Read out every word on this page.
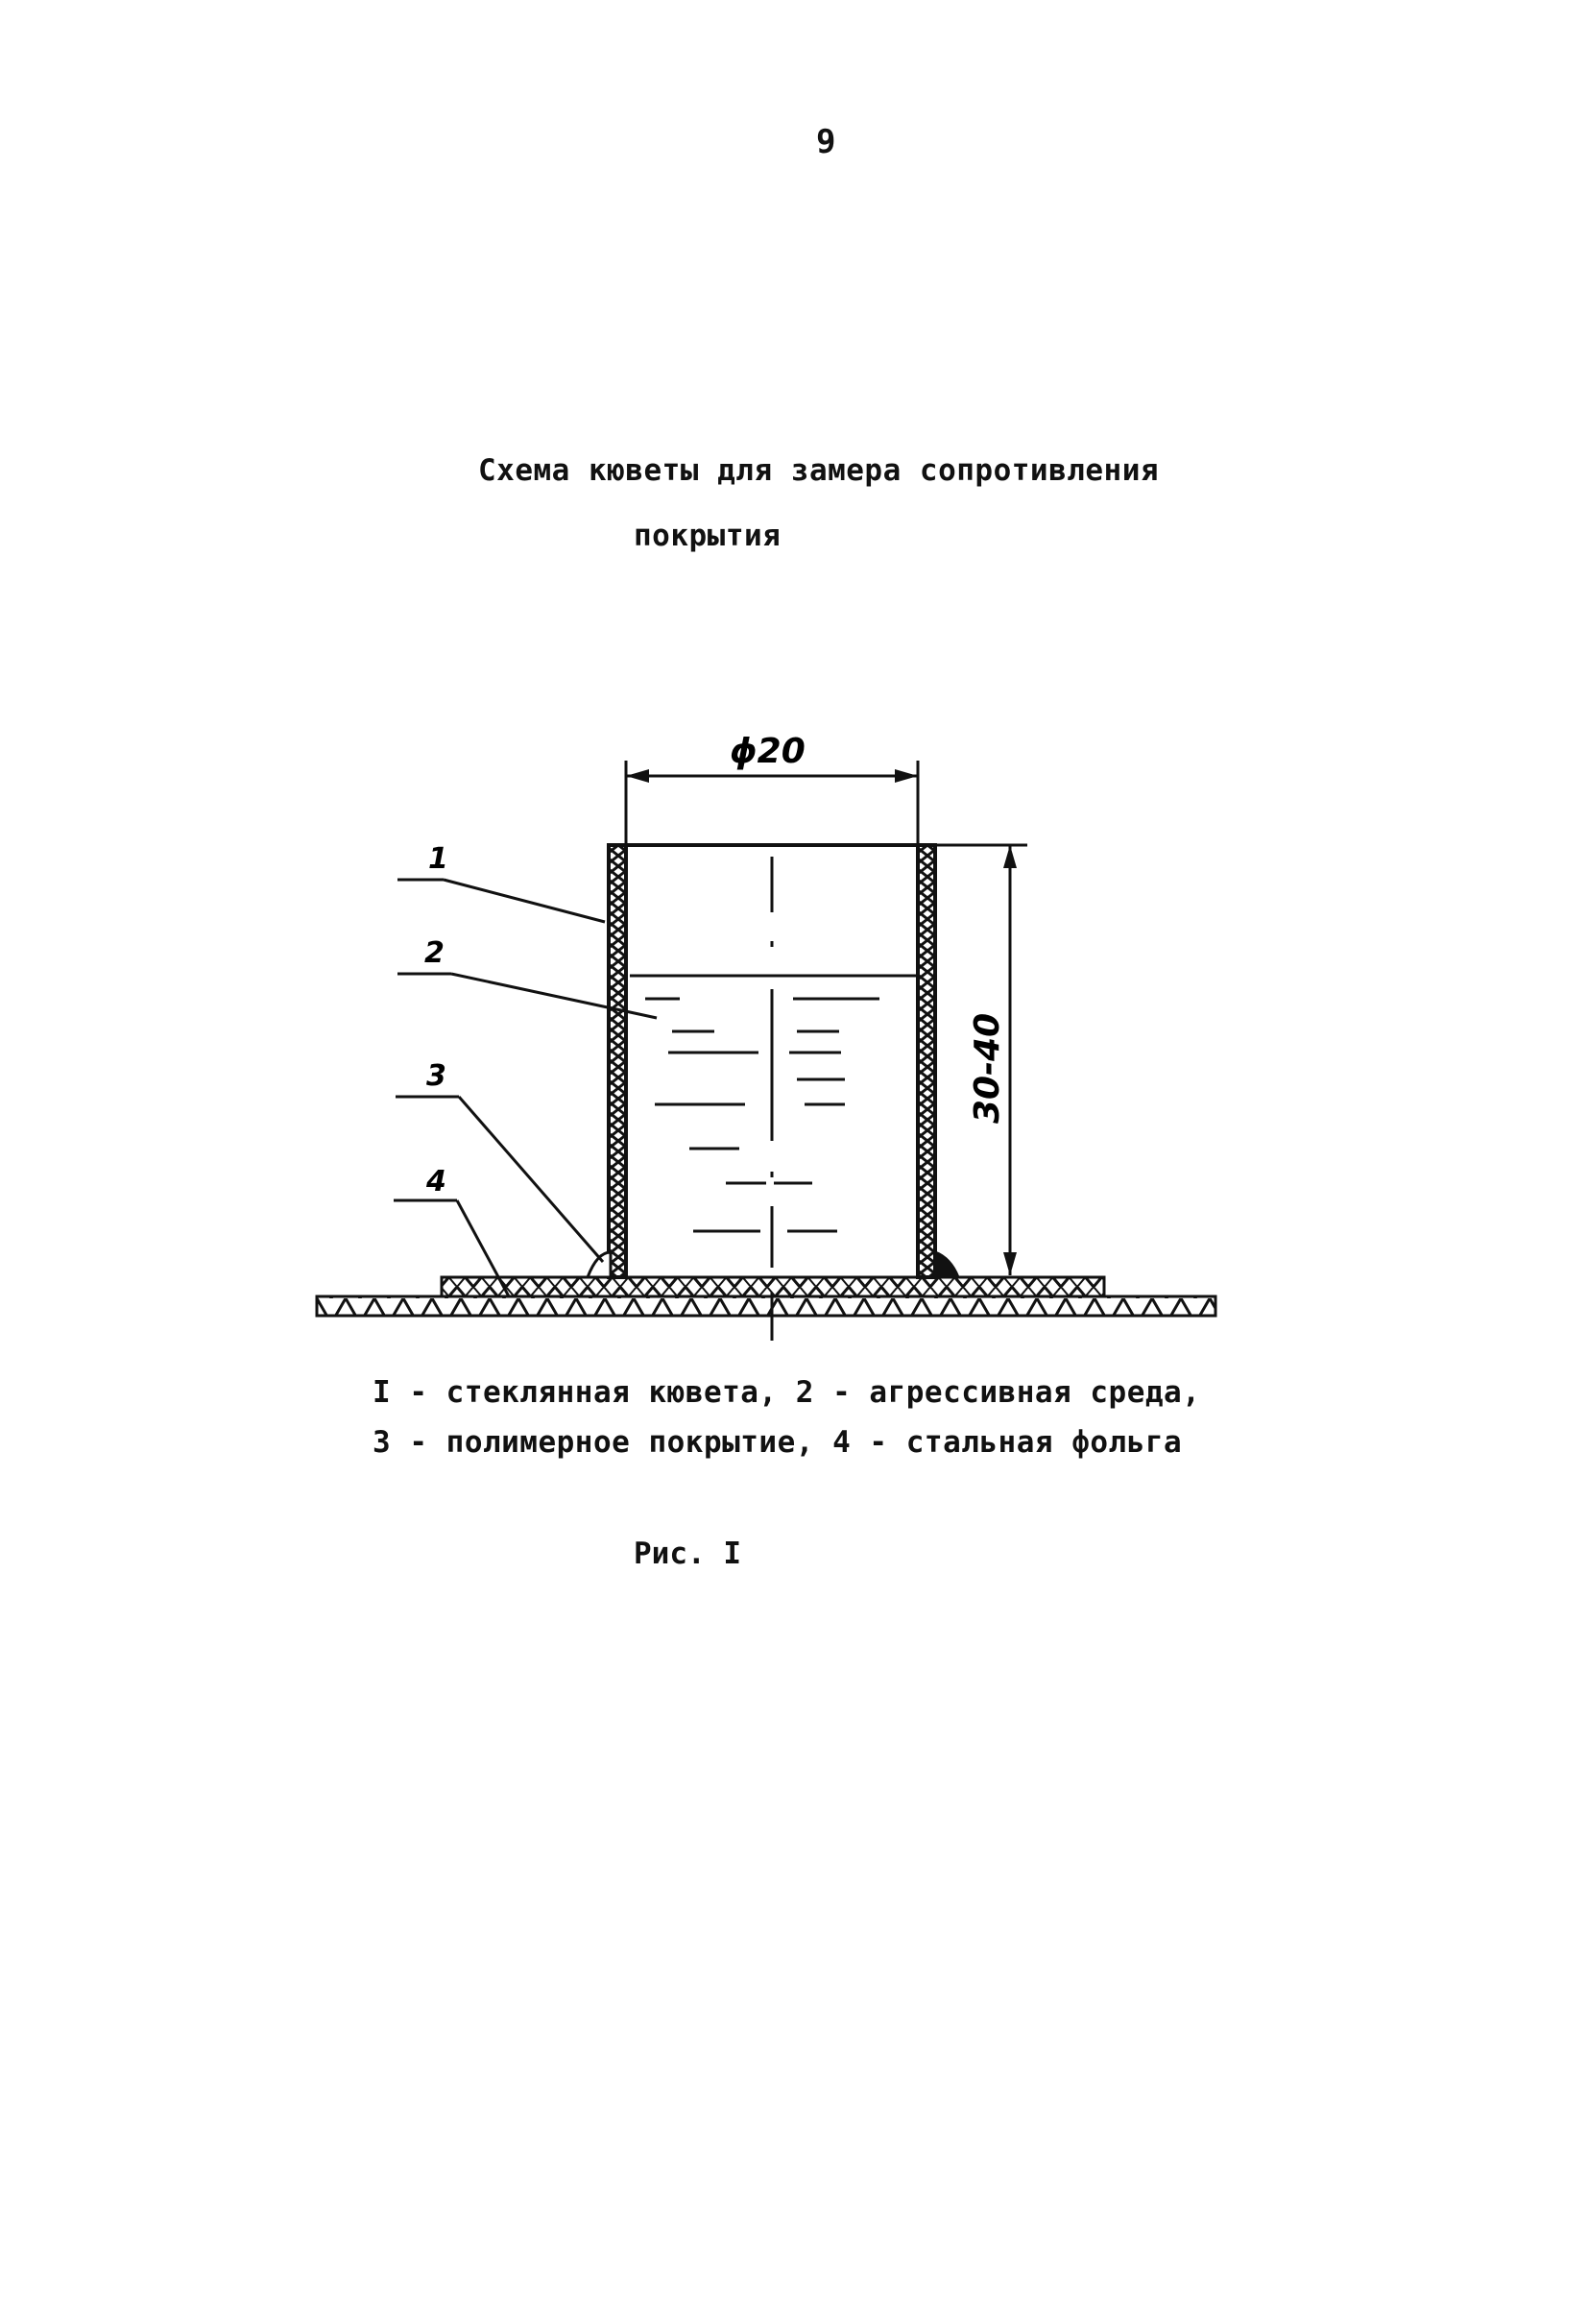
9
Схема кюветы для замера сопротивления
покрытия
ϕ20
30-40
1
2
3
4
I - стеклянная кювета, 2 - агрессивная среда,
3 - полимерное покрытие, 4 - стальная фольга
Рис. I
